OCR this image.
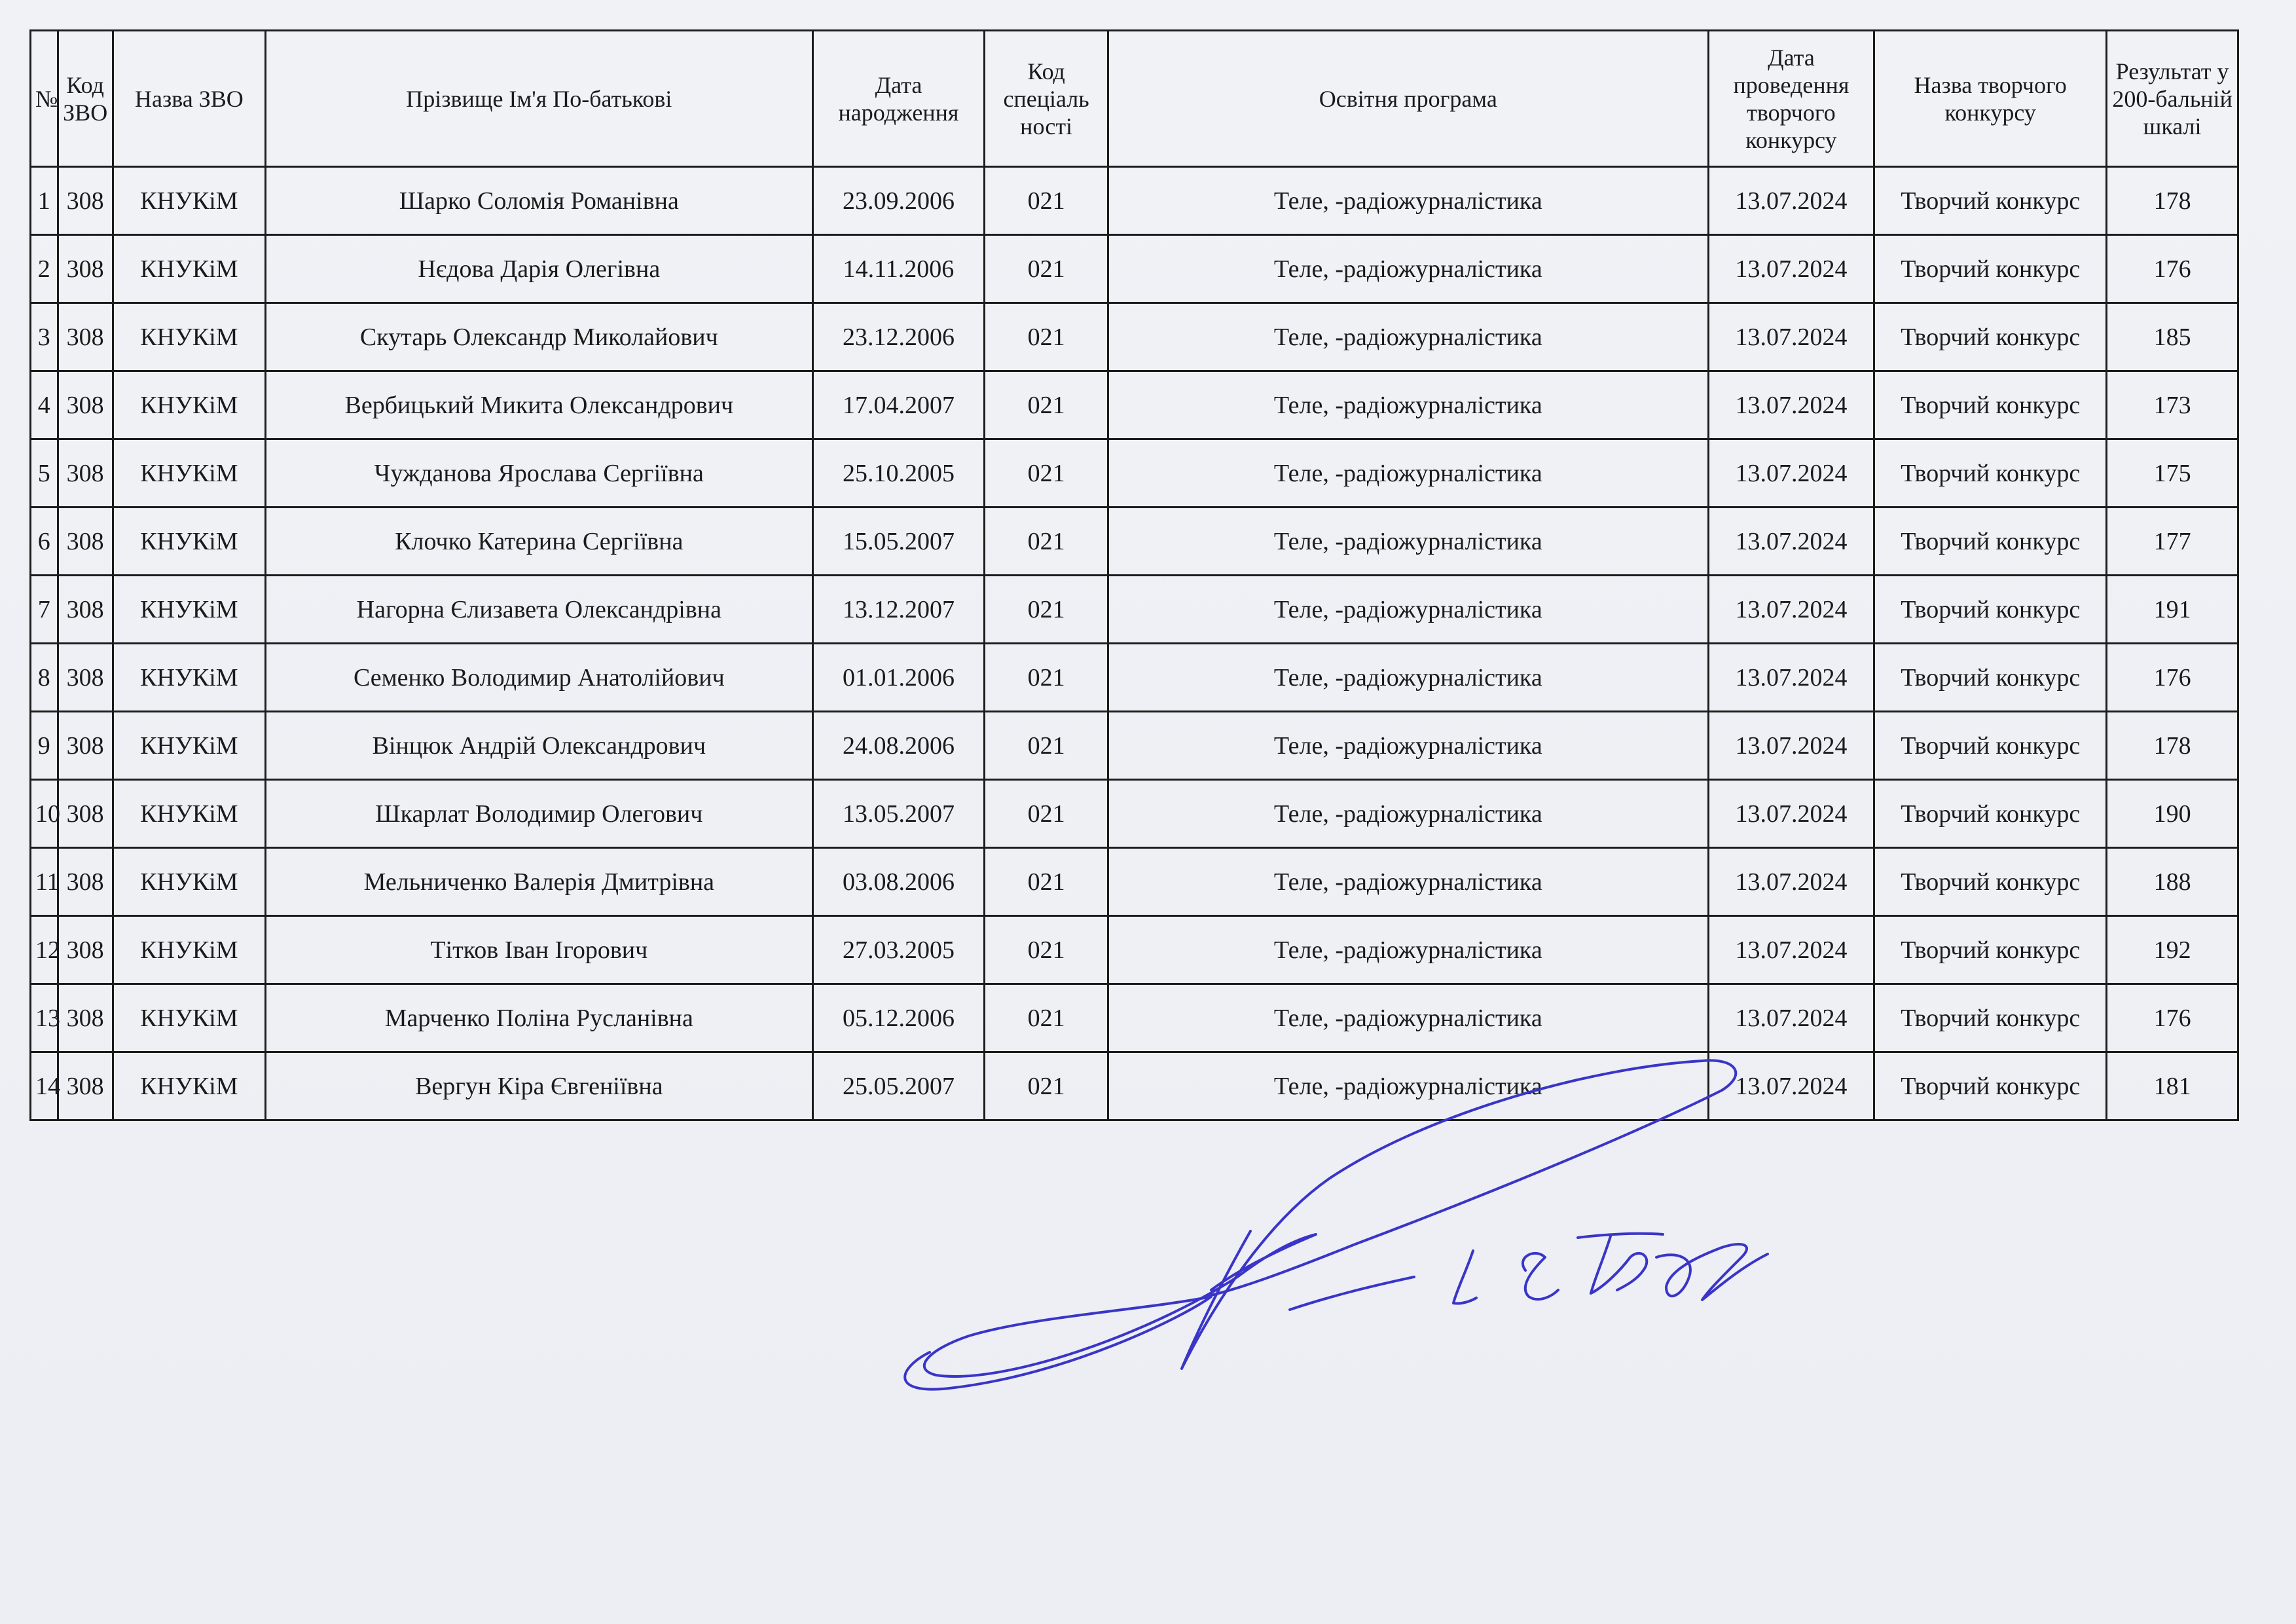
№	Код ЗВО	Назва ЗВО	Прізвище Ім'я По-батькові	Дата народження	Код спеціаль ності	Освітня програма	Дата проведення творчого конкурсу	Назва творчого конкурсу	Результат у 200-бальній шкалі
1	308	КНУКіМ	Шарко Соломія Романівна	23.09.2006	021	Теле, -радіожурналістика	13.07.2024	Творчий конкурс	178
2	308	КНУКіМ	Нєдова Дарія Олегівна	14.11.2006	021	Теле, -радіожурналістика	13.07.2024	Творчий конкурс	176
3	308	КНУКіМ	Скутарь Олександр Миколайович	23.12.2006	021	Теле, -радіожурналістика	13.07.2024	Творчий конкурс	185
4	308	КНУКіМ	Вербицький Микита Олександрович	17.04.2007	021	Теле, -радіожурналістика	13.07.2024	Творчий конкурс	173
5	308	КНУКіМ	Чужданова Ярослава Сергіївна	25.10.2005	021	Теле, -радіожурналістика	13.07.2024	Творчий конкурс	175
6	308	КНУКіМ	Клочко Катерина Сергіївна	15.05.2007	021	Теле, -радіожурналістика	13.07.2024	Творчий конкурс	177
7	308	КНУКіМ	Нагорна Єлизавета Олександрівна	13.12.2007	021	Теле, -радіожурналістика	13.07.2024	Творчий конкурс	191
8	308	КНУКіМ	Семенко Володимир Анатолійович	01.01.2006	021	Теле, -радіожурналістика	13.07.2024	Творчий конкурс	176
9	308	КНУКіМ	Вінцюк Андрій Олександрович	24.08.2006	021	Теле, -радіожурналістика	13.07.2024	Творчий конкурс	178
10	308	КНУКіМ	Шкарлат Володимир Олегович	13.05.2007	021	Теле, -радіожурналістика	13.07.2024	Творчий конкурс	190
11	308	КНУКіМ	Мельниченко Валерія Дмитрівна	03.08.2006	021	Теле, -радіожурналістика	13.07.2024	Творчий конкурс	188
12	308	КНУКіМ	Тітков Іван Ігорович	27.03.2005	021	Теле, -радіожурналістика	13.07.2024	Творчий конкурс	192
13	308	КНУКіМ	Марченко Поліна Русланівна	05.12.2006	021	Теле, -радіожурналістика	13.07.2024	Творчий конкурс	176
14	308	КНУКіМ	Вергун Кіра Євгеніївна	25.05.2007	021	Теле, -радіожурналістика	13.07.2024	Творчий конкурс	181
